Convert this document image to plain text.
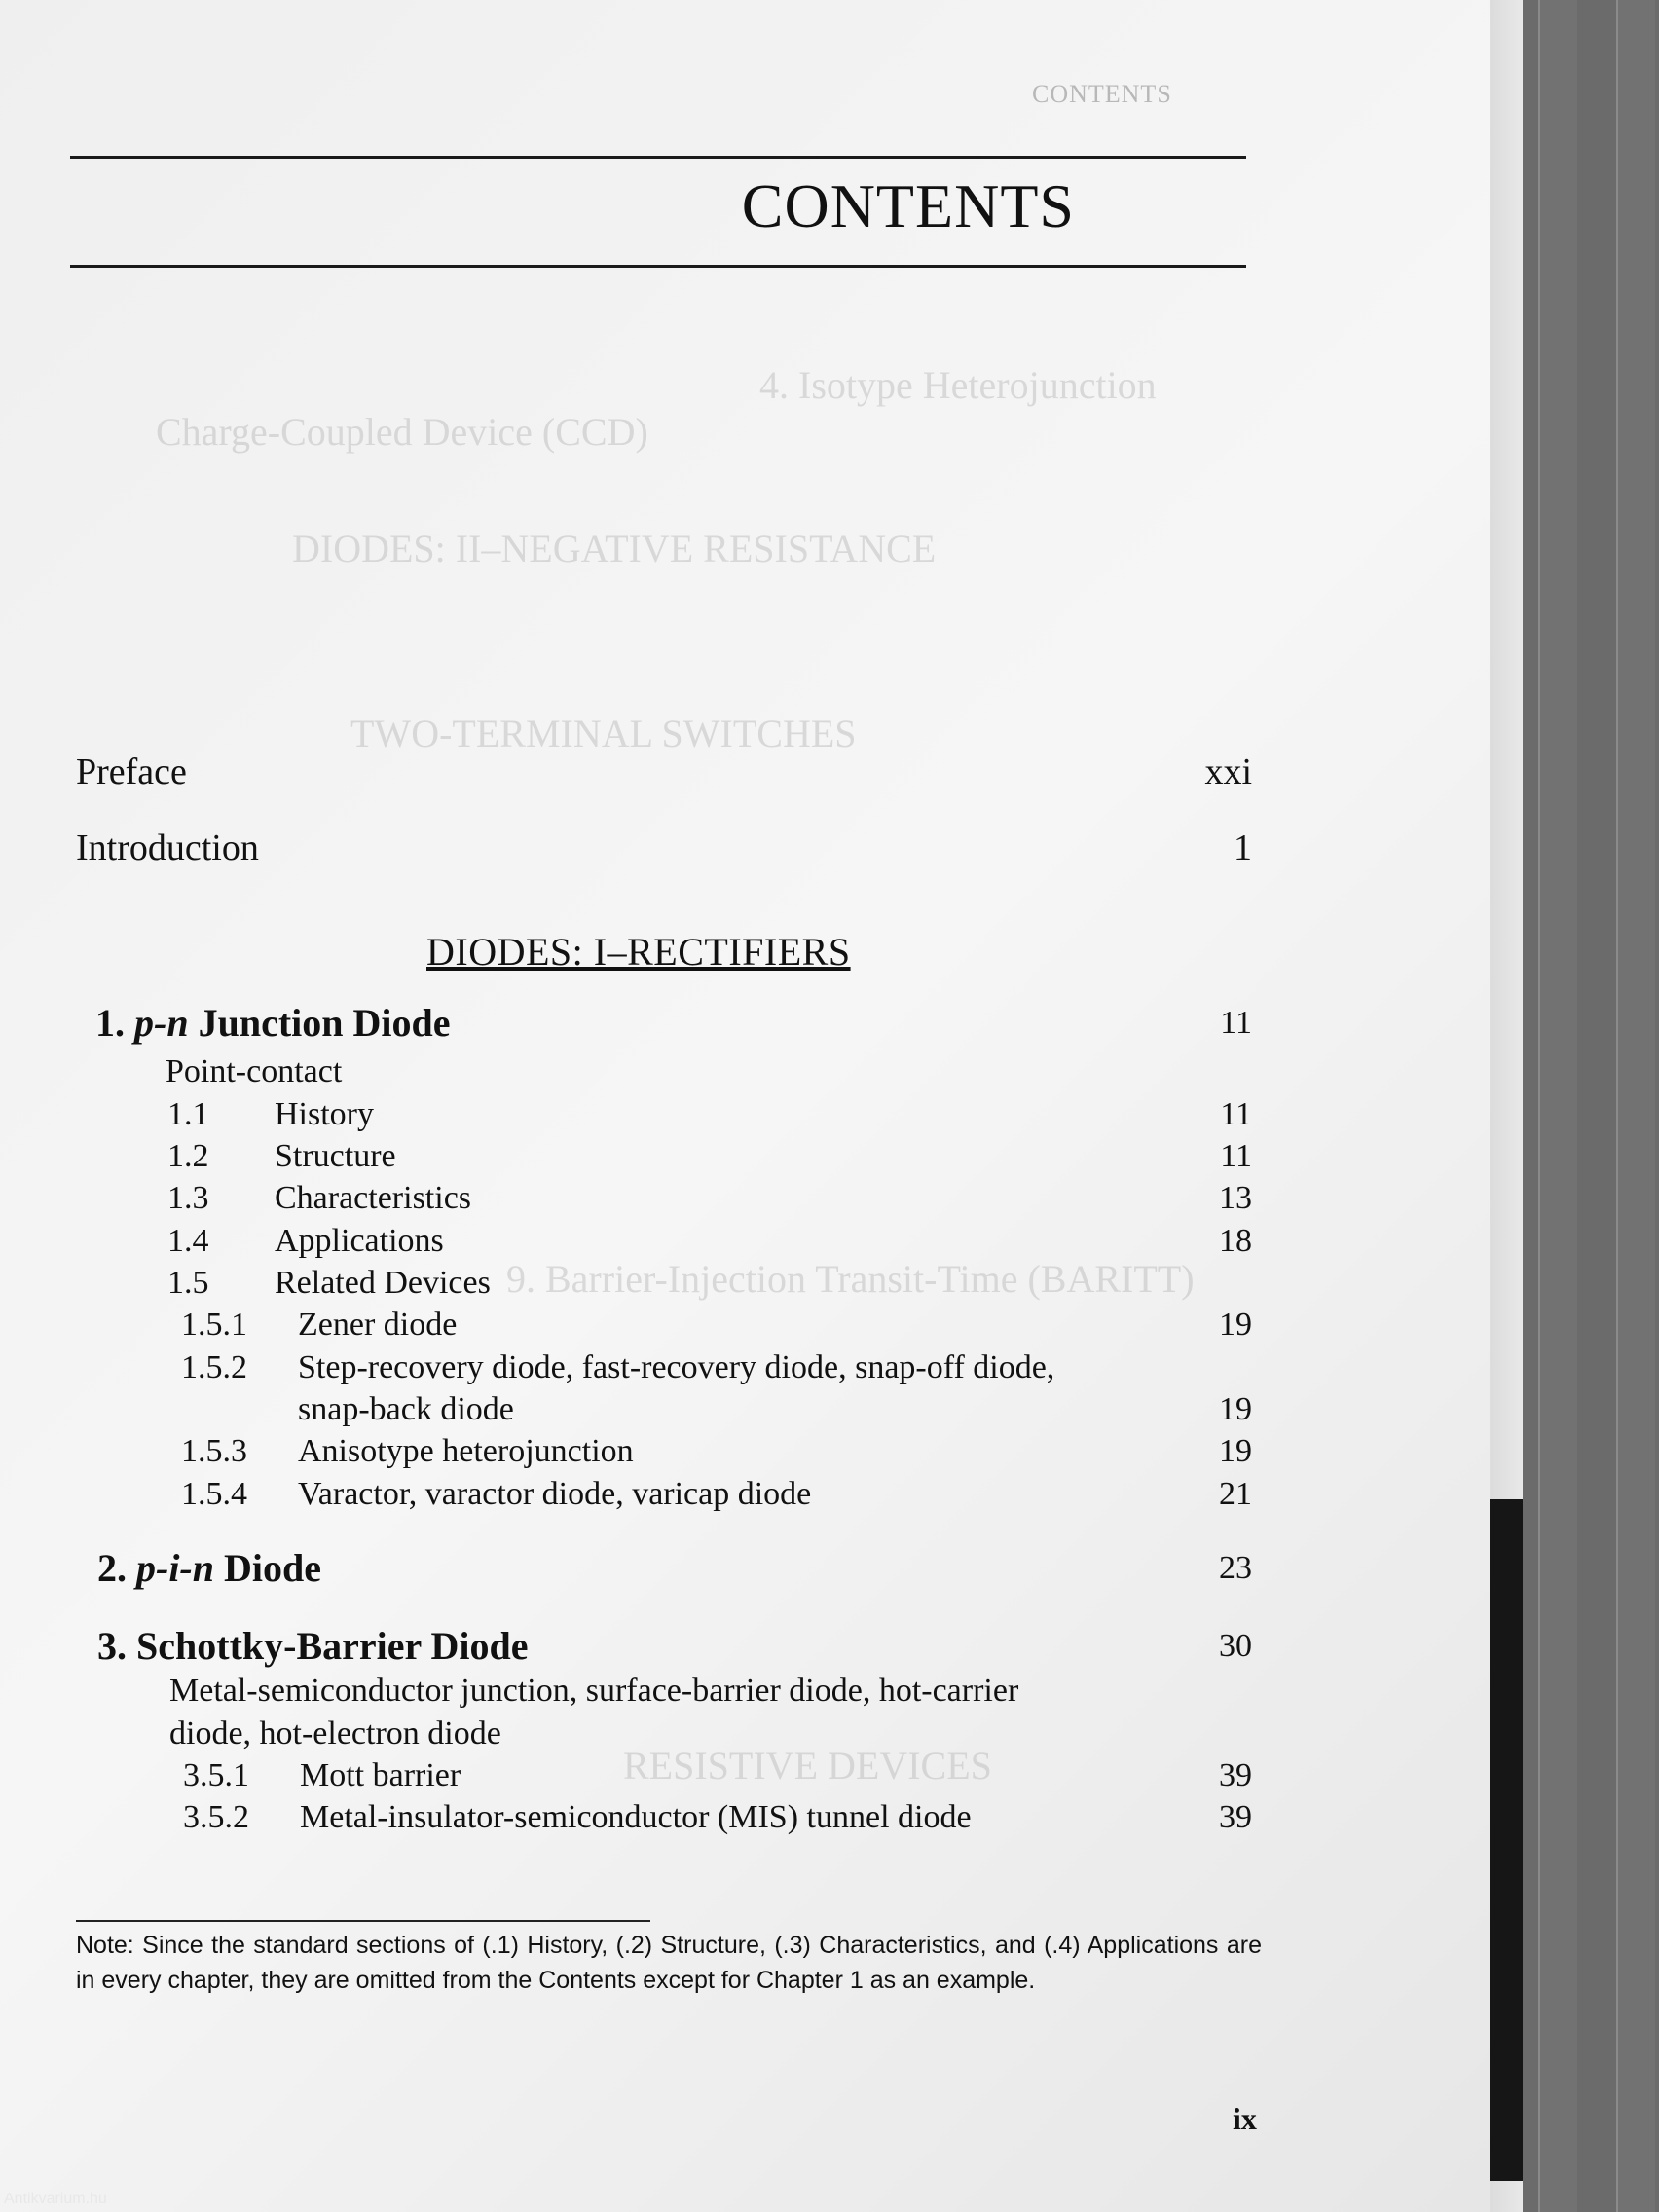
4. Isotype Heterojunction
Charge-Coupled Device (CCD)
DIODES: II–NEGATIVE RESISTANCE
TWO-TERMINAL SWITCHES
9. Barrier-Injection Transit-Time (BARITT)
RESISTIVE DEVICES
CONTENTS
CONTENTS
Preface	xxi
Introduction	1
DIODES: I–RECTIFIERS
1. p-n Junction Diode	11
Point-contact
1.1 History	11
1.2 Structure	11
1.3 Characteristics	13
1.4 Applications	18
1.5 Related Devices
1.5.1 Zener diode	19
1.5.2 Step-recovery diode, fast-recovery diode, snap-off diode,
snap-back diode	19
1.5.3 Anisotype heterojunction	19
1.5.4 Varactor, varactor diode, varicap diode	21
2. p-i-n Diode	23
3. Schottky-Barrier Diode	30
Metal-semiconductor junction, surface-barrier diode, hot-carrier
diode, hot-electron diode
3.5.1 Mott barrier	39
3.5.2 Metal-insulator-semiconductor (MIS) tunnel diode	39
Note: Since the standard sections of (.1) History, (.2) Structure, (.3) Characteristics, and (.4) Applications are in every chapter, they are omitted from the Contents except for Chapter 1 as an example.
ix
Antikvarium.hu
